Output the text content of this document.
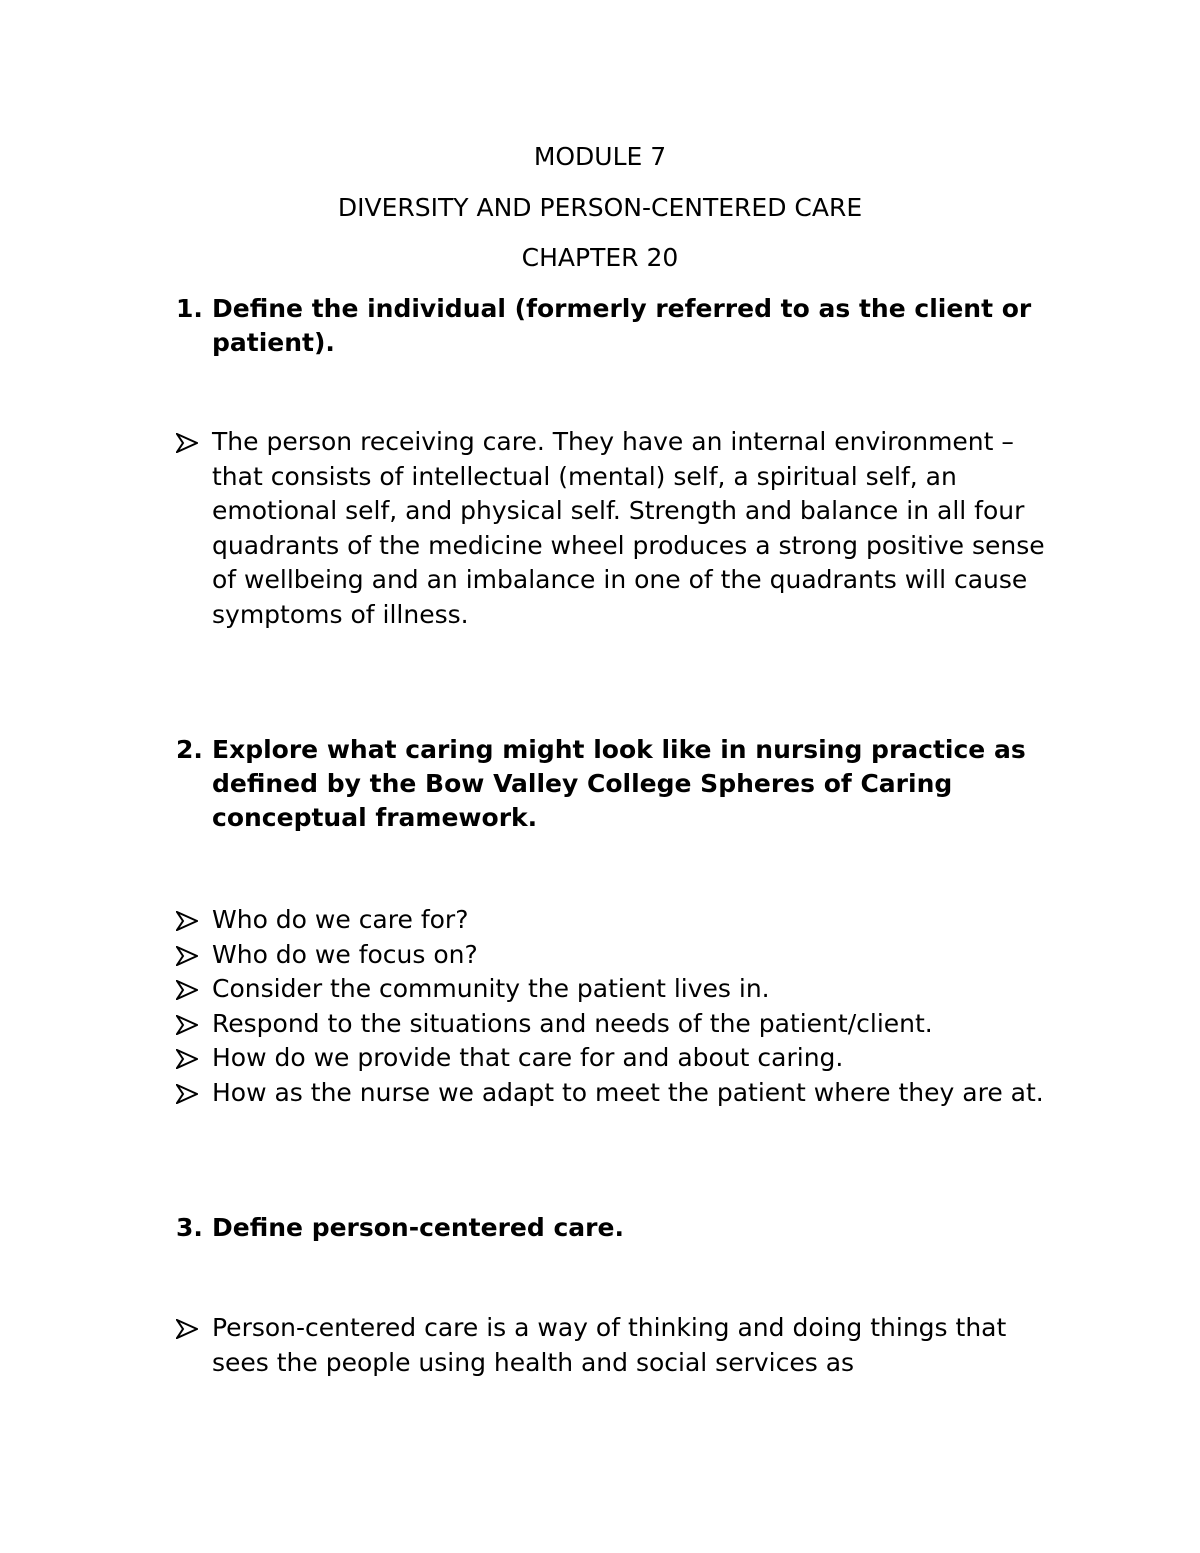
MODULE 7
DIVERSITY AND PERSON-CENTERED CARE
CHAPTER 20
1. Define the individual (formerly referred to as the client or patient).
The person receiving care. They have an internal environment – that consists of intellectual (mental) self, a spiritual self, an emotional self, and physical self. Strength and balance in all four quadrants of the medicine wheel produces a strong positive sense of wellbeing and an imbalance in one of the quadrants will cause symptoms of illness.
2. Explore what caring might look like in nursing practice as defined by the Bow Valley College Spheres of Caring conceptual framework.
Who do we care for?
Who do we focus on?
Consider the community the patient lives in.
Respond to the situations and needs of the patient/client.
How do we provide that care for and about caring.
How as the nurse we adapt to meet the patient where they are at.
3. Define person-centered care.
Person-centered care is a way of thinking and doing things that sees the people using health and social services as
